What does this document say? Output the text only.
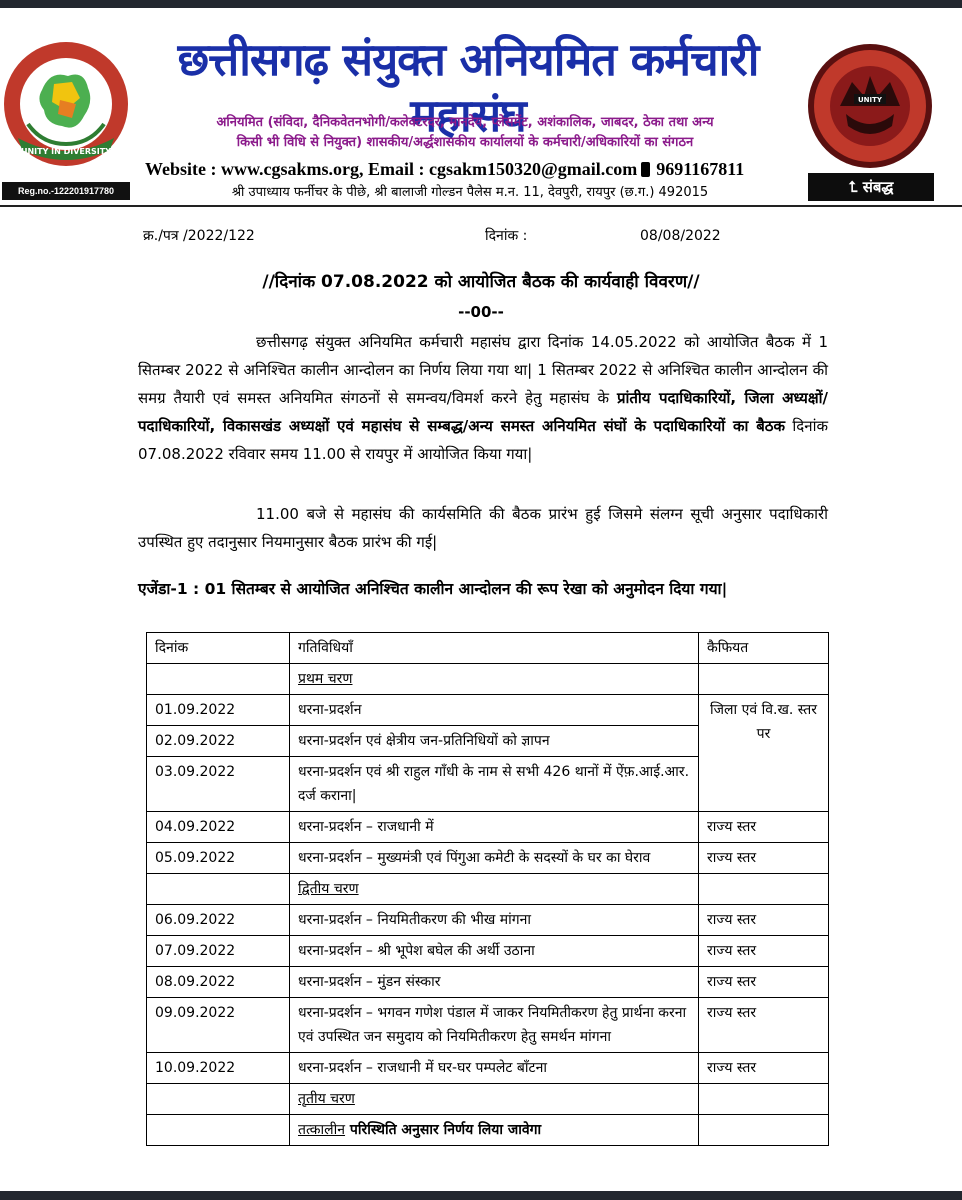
UNITY IN DIVERSITY
Reg.no.-122201917780
छत्तीसगढ़ संयुक्त अनियमित कर्मचारी महासंघ
अनियमित (संविदा, दैनिकवेतनभोगी/कलेक्टरदर, मानदेय, प्लेसमेंट, अशंकालिक, जाबदर, ठेका तथा अन्य
किसी भी विधि से नियुक्त) शासकीय/अर्द्धशासकीय कार्यालयों के कर्मचारी/अधिकारियों का संगठन
Website : www.cgsakms.org, Email : cgsakm150320@gmail.com 9691167811
श्री उपाध्याय फर्नीचर के पीछे, श्री बालाजी गोल्डन पैलेस म.न. 11, देवपुरी, रायपुर (छ.ग.) 492015
UNITY
⮤ संबद्ध
क्र./पत्र /2022/122	दिनांक :	08/08/2022
//दिनांक 07.08.2022 को आयोजित बैठक की कार्यवाही विवरण//
--00--
छत्तीसगढ़ संयुक्त अनियमित कर्मचारी महासंघ द्वारा दिनांक 14.05.2022 को आयोजित बैठक में 1 सितम्बर 2022 से अनिश्चित कालीन आन्दोलन का निर्णय लिया गया था| 1 सितम्बर 2022 से अनिश्चित कालीन आन्दोलन की समग्र तैयारी एवं समस्त अनियमित संगठनों से समन्वय/विमर्श करने हेतु महासंघ के प्रांतीय पदाधिकारियों, जिला अध्यक्षों/पदाधिकारियों, विकासखंड अध्यक्षों एवं महासंघ से सम्बद्ध/अन्य समस्त अनियमित संघों के पदाधिकारियों का बैठक दिनांक 07.08.2022 रविवार समय 11.00 से रायपुर में आयोजित किया गया|
11.00 बजे से महासंघ की कार्यसमिति की बैठक प्रारंभ हुई जिसमे संलग्न सूची अनुसार पदाधिकारी उपस्थित हुए तदानुसार नियमानुसार बैठक प्रारंभ की गई|
एजेंडा-1 : 01 सितम्बर से आयोजित अनिश्चित कालीन आन्दोलन की रूप रेखा को अनुमोदन दिया गया|
दिनांक	गतिविधियाँ	कैफियत
	प्रथम चरण	
01.09.2022	धरना-प्रदर्शन	जिला एवं वि.ख. स्तर पर
02.09.2022	धरना-प्रदर्शन एवं क्षेत्रीय जन-प्रतिनिधियों को ज्ञापन	
03.09.2022	धरना-प्रदर्शन एवं श्री राहुल गाँधी के नाम से सभी 426 थानों में ऐंफ़.आई.आर. दर्ज कराना|	
04.09.2022	धरना-प्रदर्शन – राजधानी में	राज्य स्तर
05.09.2022	धरना-प्रदर्शन – मुख्यमंत्री एवं पिंगुआ कमेटी के सदस्यों के घर का घेराव	राज्य स्तर
	द्वितीय चरण	
06.09.2022	धरना-प्रदर्शन – नियमितीकरण की भीख मांगना	राज्य स्तर
07.09.2022	धरना-प्रदर्शन – श्री भूपेश बघेल की अर्थी उठाना	राज्य स्तर
08.09.2022	धरना-प्रदर्शन – मुंडन संस्कार	राज्य स्तर
09.09.2022	धरना-प्रदर्शन – भगवन गणेश पंडाल में जाकर नियमितीकरण हेतु प्रार्थना करना एवं उपस्थित जन समुदाय को नियमितीकरण हेतु समर्थन मांगना	राज्य स्तर
10.09.2022	धरना-प्रदर्शन – राजधानी में घर-घर पम्पलेट बाँटना	राज्य स्तर
	तृतीय चरण	
	तत्कालीन परिस्थिति अनुसार निर्णय लिया जावेगा	
